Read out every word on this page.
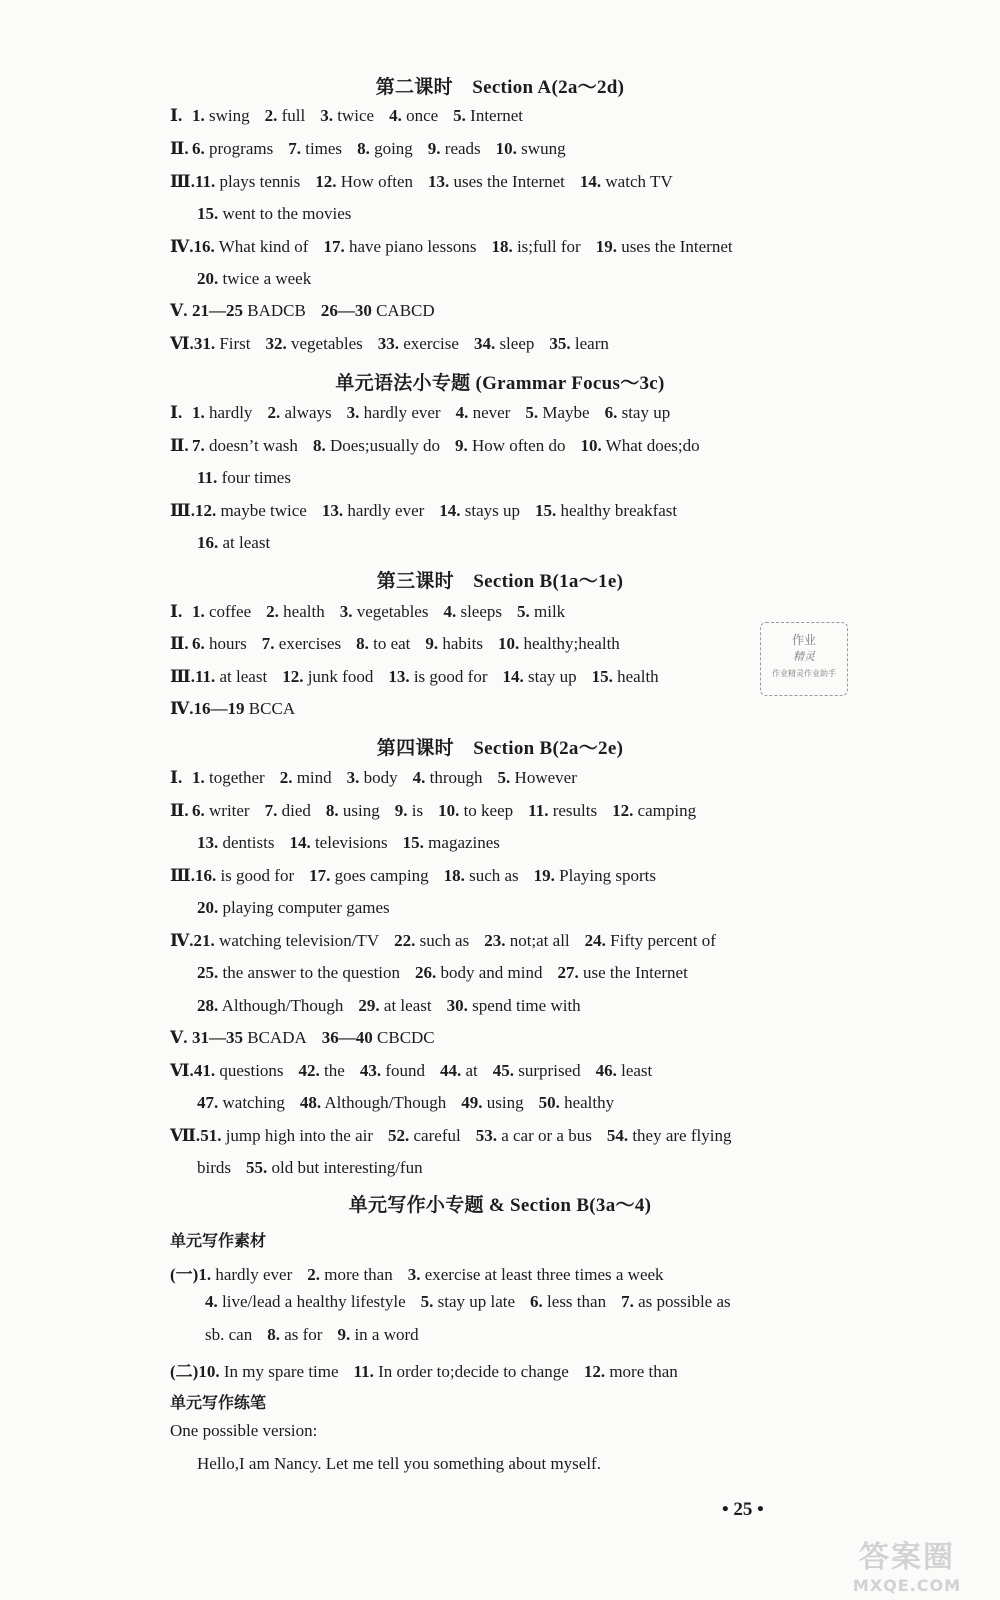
第二课时　Section A(2a～2d)
单元语法小专题 (Grammar Focus～3c)
第三课时　Section B(1a～1e)
第四课时　Section B(2a～2e)
单元写作小专题 & Section B(3a～4)
Ⅰ. 1. swing 2. full 3. twice 4. once 5. Internet
Ⅱ. 6. programs 7. times 8. going 9. reads 10. swung
Ⅲ.11. plays tennis 12. How often 13. uses the Internet 14. watch TV
15. went to the movies
Ⅳ.16. What kind of 17. have piano lessons 18. is;full for 19. uses the Internet
20. twice a week
Ⅴ. 21—25 BADCB 26—30 CABCD
Ⅵ.31. First 32. vegetables 33. exercise 34. sleep 35. learn
Ⅰ. 1. hardly 2. always 3. hardly ever 4. never 5. Maybe 6. stay up
Ⅱ. 7. doesn’t wash 8. Does;usually do 9. How often do 10. What does;do
11. four times
Ⅲ.12. maybe twice 13. hardly ever 14. stays up 15. healthy breakfast
16. at least
Ⅰ. 1. coffee 2. health 3. vegetables 4. sleeps 5. milk
Ⅱ. 6. hours 7. exercises 8. to eat 9. habits 10. healthy;health
Ⅲ.11. at least 12. junk food 13. is good for 14. stay up 15. health
Ⅳ.16—19 BCCA
Ⅰ. 1. together 2. mind 3. body 4. through 5. However
Ⅱ. 6. writer 7. died 8. using 9. is 10. to keep 11. results 12. camping
13. dentists 14. televisions 15. magazines
Ⅲ.16. is good for 17. goes camping 18. such as 19. Playing sports
20. playing computer games
Ⅳ.21. watching television/TV 22. such as 23. not;at all 24. Fifty percent of
25. the answer to the question 26. body and mind 27. use the Internet
28. Although/Though 29. at least 30. spend time with
Ⅴ. 31—35 BCADA 36—40 CBCDC
Ⅵ.41. questions 42. the 43. found 44. at 45. surprised 46. least
47. watching 48. Although/Though 49. using 50. healthy
Ⅶ.51. jump high into the air 52. careful 53. a car or a bus 54. they are flying
birds 55. old but interesting/fun
(一)1. hardly ever 2. more than 3. exercise at least three times a week
4. live/lead a healthy lifestyle 5. stay up late 6. less than 7. as possible as
sb. can 8. as for 9. in a word
(二)10. In my spare time 11. In order to;decide to change 12. more than
单元写作素材
单元写作练笔
One possible version:
Hello,I am Nancy. Let me tell you something about myself.
作业
精灵
作业精灵作业助手
• 25 •
答案圈
MXQE.COM
